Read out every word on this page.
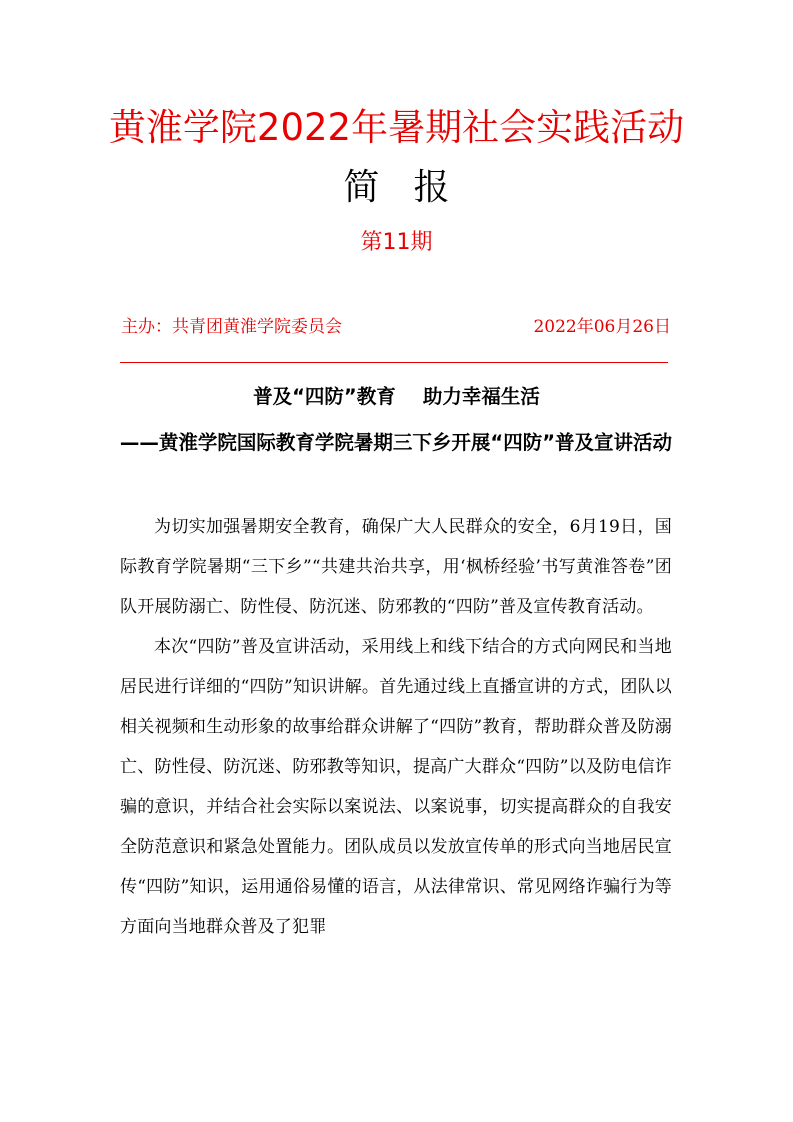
黄淮学院2022年暑期社会实践活动
简报
第11期
主办：共青团黄淮学院委员会	2022年06月26日
普及“四防”教育    助力幸福生活
——黄淮学院国际教育学院暑期三下乡开展“四防”普及宣讲活动

为切实加强暑期安全教育，确保广大人民群众的安全，6月19日，国际教育学院暑期“三下乡”“共建共治共享，用‘枫桥经验’书写黄淮答卷”团队开展防溺亡、防性侵、防沉迷、防邪教的“四防”普及宣传教育活动。

本次“四防”普及宣讲活动，采用线上和线下结合的方式向网民和当地居民进行详细的“四防”知识讲解。首先通过线上直播宣讲的方式，团队以相关视频和生动形象的故事给群众讲解了“四防”教育，帮助群众普及防溺亡、防性侵、防沉迷、防邪教等知识，提高广大群众“四防”以及防电信诈骗的意识，并结合社会实际以案说法、以案说事，切实提高群众的自我安全防范意识和紧急处置能力。团队成员以发放宣传单的形式向当地居民宣传“四防”知识，运用通俗易懂的语言，从法律常识、常见网络诈骗行为等方面向当地群众普及了犯罪
